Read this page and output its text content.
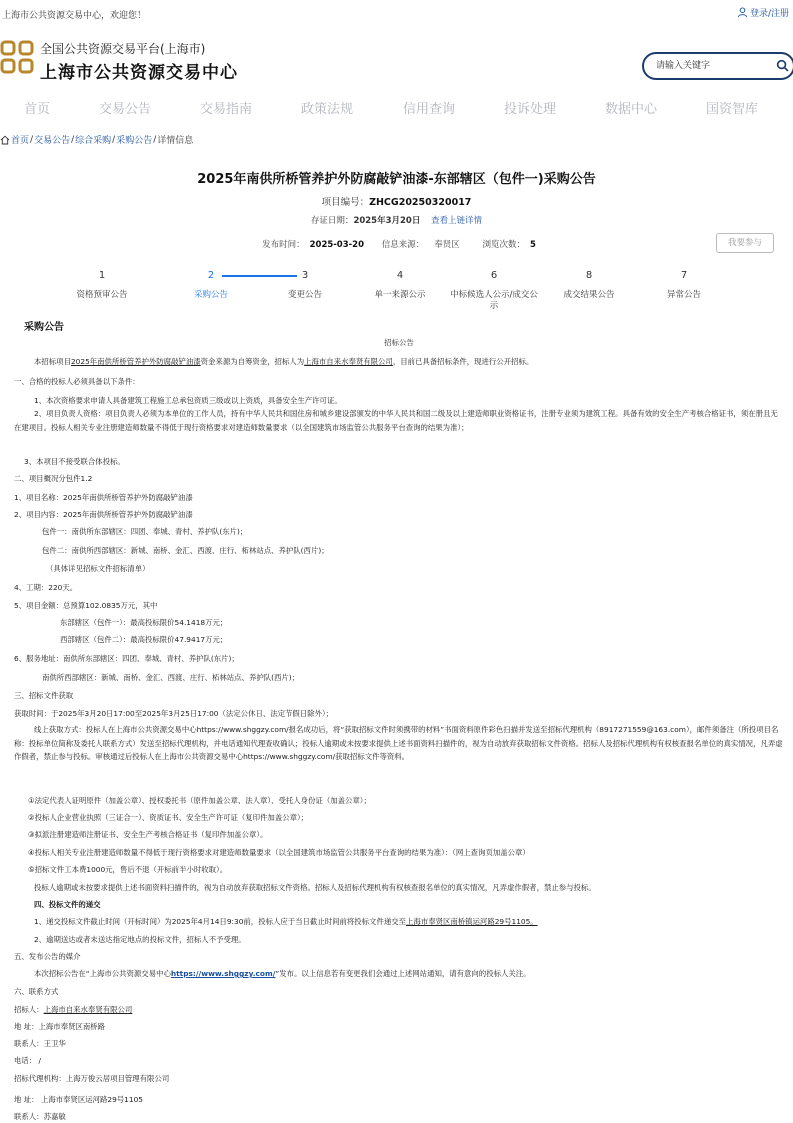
上海市公共资源交易中心，欢迎您！	登录/注册
全国公共资源交易平台(上海市)
上海市公共资源交易中心
请输入关键字
首页	交易公告	交易指南	政策法规	信用查询	投诉处理	数据中心	国资智库
首页 / 交易公告 / 综合采购 / 采购公告 / 详情信息
2025年南供所桥管养护外防腐敲铲油漆-东部辖区（包件一)采购公告
项目编号：ZHCG20250320017
存证日期：2025年3月20日 查看上链详情
发布时间： 2025-03-20 信息来源： 奉贤区	浏览次数： 5	我要参与
1
资格预审公告
2
采购公告
3
变更公告
4
单一来源公示
6
中标候选人公示/成交公示
8
成交结果公告
7
异常公告
采购公告
招标公告
本招标项目2025年南供所桥管养护外防腐敲铲油漆资金来源为自筹资金，招标人为上海市自来水奉贤有限公司，目前已具备招标条件，现进行公开招标。
一、合格的投标人必须具备以下条件：
1、本次资格要求申请人具备建筑工程施工总承包资质三级或以上资质，具备安全生产许可证。
2、项目负责人资格：项目负责人必须为本单位的工作人员，持有中华人民共和国住房和城乡建设部颁发的中华人民共和国二级及以上建造师职业资格证书，注册专业须为建筑工程。具备有效的安全生产考核合格证书，须在册且无在建项目。投标人相关专业注册建造师数量不得低于现行资格要求对建造师数量要求（以全国建筑市场监管公共服务平台查询的结果为准）；
3、本项目不接受联合体投标。
二、项目概况分包件1.2
1、项目名称：2025年南供所桥管养护外防腐敲铲油漆
2、项目内容：2025年南供所桥管养护外防腐敲铲油漆
包件一：南供所东部辖区：四团、奉城、青村、养护队(东片)；
包件二：南供所西部辖区：新城、南桥、金汇、西渡、庄行、柘林站点、养护队(西片)；
（具体详见招标文件招标清单）
4、工期：220天。
5、项目金额：总预算102.0835万元，其中
东部辖区（包件一）：最高投标限价54.1418万元；
西部辖区（包件二）：最高投标限价47.9417万元；
6、服务地址：南供所东部辖区：四团、奉城、青村、养护队(东片)；
南供所西部辖区：新城、南桥、金汇、西渡、庄行、柘林站点、养护队(西片)；
三、招标文件获取
获取时间：于2025年3月20日17:00至2025年3月25日17:00（法定公休日、法定节假日除外）；
线上获取方式：投标人在上海市公共资源交易中心https://www.shggzy.com/报名成功后，将“获取招标文件时须携带的材料”书面资料原件彩色扫描并发送至招标代理机构（8917271559@163.com），邮件须备注（所投项目名称：投标单位简称及委托人联系方式）发送至招标代理机构，并电话通知代理查收确认；投标人逾期或未按要求提供上述书面资料扫描件的，视为自动放弃获取招标文件资格。招标人及招标代理机构有权核查报名单位的真实情况，凡弄虚作假者，禁止参与投标。审核通过后投标人在上海市公共资源交易中心https://www.shggzy.com/获取招标文件等资料。
①法定代表人证明原件（加盖公章）、授权委托书（原件加盖公章、法人章）、受托人身份证（加盖公章）；
②投标人企业营业执照（三证合一）、资质证书、安全生产许可证（复印件加盖公章）；
③拟派注册建造师注册证书、安全生产考核合格证书（复印件加盖公章）。
④投标人相关专业注册建造师数量不得低于现行资格要求对建造师数量要求（以全国建筑市场监管公共服务平台查询的结果为准）：（网上查询页加盖公章）
⑤招标文件工本费1000元，售后不退（开标前半小时收取）。
投标人逾期或未按要求提供上述书面资料扫描件的，视为自动放弃获取招标文件资格。招标人及招标代理机构有权核查报名单位的真实情况，凡弄虚作假者，禁止参与投标。
四、投标文件的递交
1、递交投标文件截止时间（开标时间）为2025年4月14日9:30前，投标人应于当日截止时间前将投标文件递交至上海市奉贤区南桥镇运河路29号1105。
2、逾期送达或者未送达指定地点的投标文件，招标人不予受理。
五、发布公告的媒介
本次招标公告在“上海市公共资源交易中心https://www.shggzy.com/”发布。以上信息若有变更我们会通过上述网站通知，请有意向的投标人关注。
六、联系方式
招标人：上海市自来水奉贤有限公司
地 址：上海市奉贤区南桥路
联系人：王卫华
电话： /
招标代理机构：上海万俊云居项目管理有限公司
地 址： 上海市奉贤区运河路29号1105
联系人：苏嘉敏
